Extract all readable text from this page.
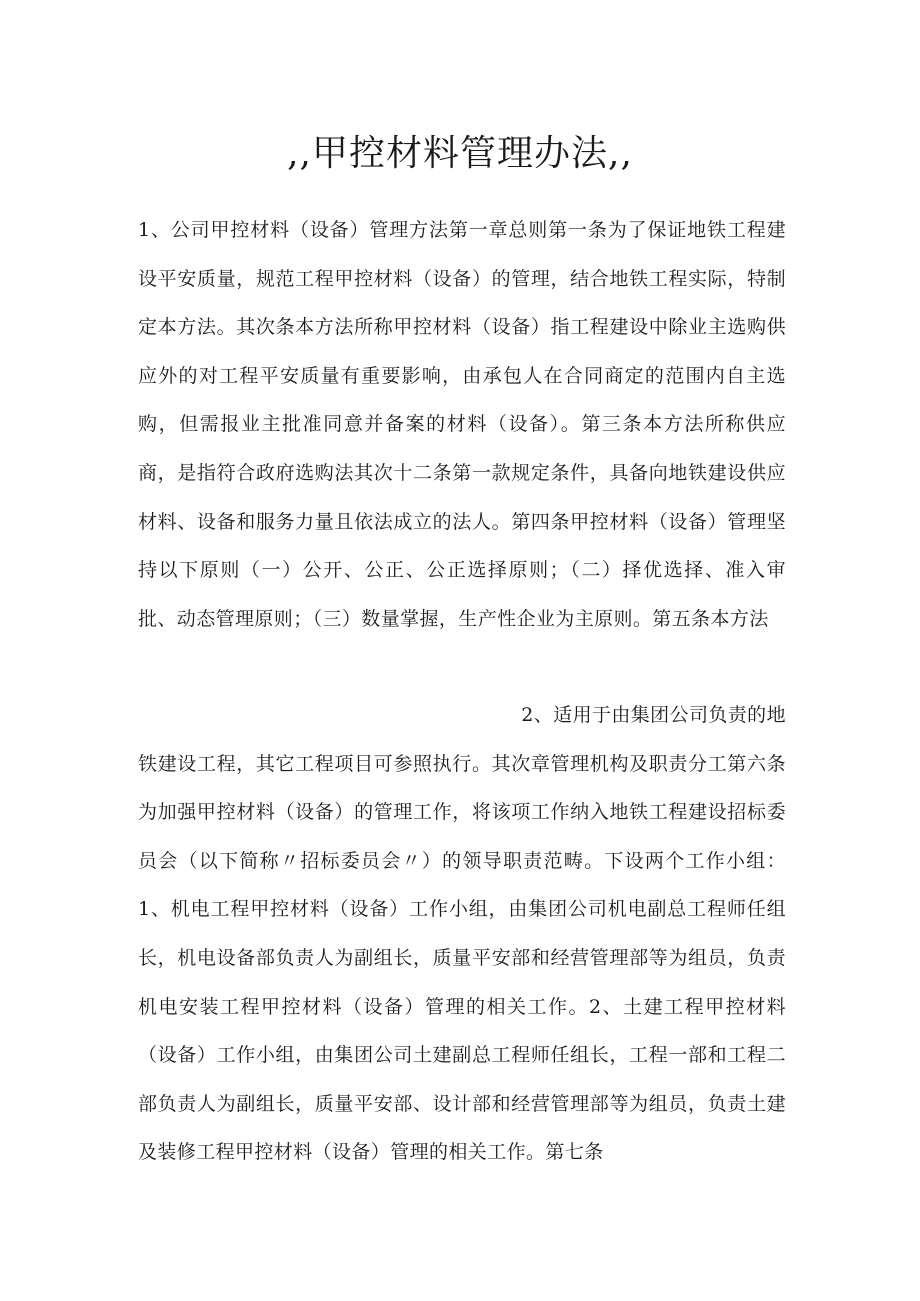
,,甲控材料管理办法,,
1、公司甲控材料（设备）管理方法第一章总则第一条为了保证地铁工程建设平安质量，规范工程甲控材料（设备）的管理，结合地铁工程实际，特制定本方法。其次条本方法所称甲控材料（设备）指工程建设中除业主选购供应外的对工程平安质量有重要影响，由承包人在合同商定的范围内自主选购，但需报业主批准同意并备案的材料（设备）。第三条本方法所称供应商，是指符合政府选购法其次十二条第一款规定条件，具备向地铁建设供应材料、设备和服务力量且依法成立的法人。第四条甲控材料（设备）管理坚持以下原则（一）公开、公正、公正选择原则；（二）择优选择、准入审批、动态管理原则；（三）数量掌握，生产性企业为主原则。第五条本方法
2、适用于由集团公司负责的地
铁建设工程，其它工程项目可参照执行。其次章管理机构及职责分工第六条为加强甲控材料（设备）的管理工作，将该项工作纳入地铁工程建设招标委员会（以下简称〃招标委员会〃）的领导职责范畴。下设两个工作小组：1、机电工程甲控材料（设备）工作小组，由集团公司机电副总工程师任组长，机电设备部负责人为副组长，质量平安部和经营管理部等为组员，负责机电安装工程甲控材料（设备）管理的相关工作。2、土建工程甲控材料（设备）工作小组，由集团公司土建副总工程师任组长，工程一部和工程二部负责人为副组长，质量平安部、设计部和经营管理部等为组员，负责土建及装修工程甲控材料（设备）管理的相关工作。第七条
